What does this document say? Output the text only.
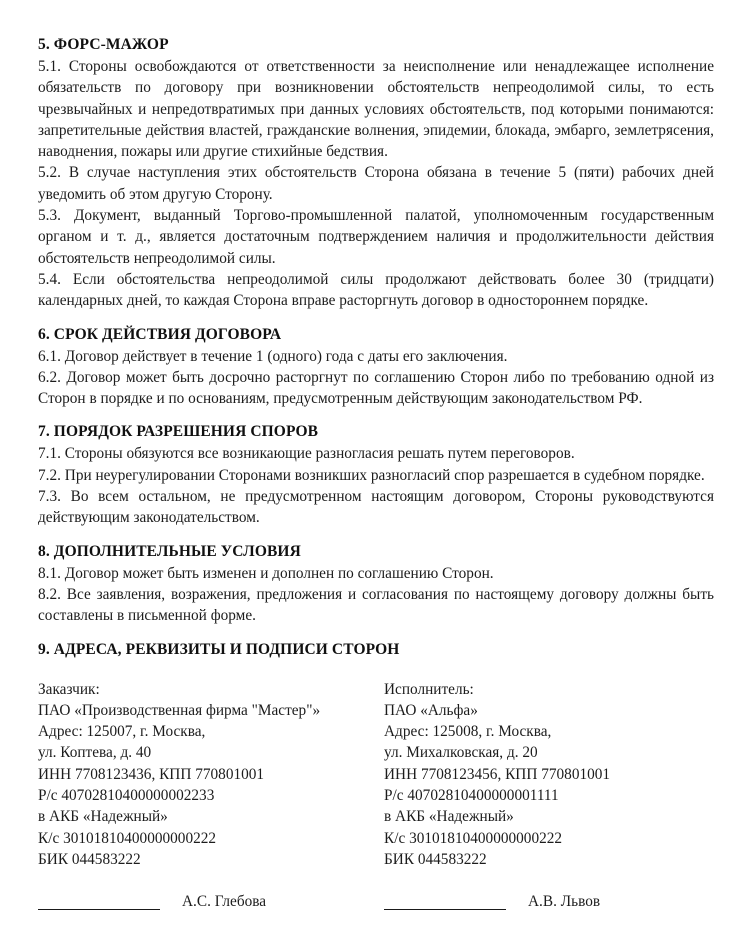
5. ФОРС-МАЖОР

5.1. Стороны освобождаются от ответственности за неисполнение или ненадлежащее исполнение обязательств по договору при возникновении обстоятельств непреодолимой силы, то есть чрезвычайных и непредотвратимых при данных условиях обстоятельств, под которыми понимаются: запретительные действия властей, гражданские волнения, эпидемии, блокада, эмбарго, землетрясения, наводнения, пожары или другие стихийные бедствия.

5.2. В случае наступления этих обстоятельств Сторона обязана в течение 5 (пяти) рабочих дней уведомить об этом другую Сторону.

5.3. Документ, выданный Торгово-промышленной палатой, уполномоченным государственным органом и т. д., является достаточным подтверждением наличия и продолжительности действия обстоятельств непреодолимой силы.

5.4. Если обстоятельства непреодолимой силы продолжают действовать более 30 (тридцати) календарных дней, то каждая Сторона вправе расторгнуть договор в одностороннем порядке.

6. СРОК ДЕЙСТВИЯ ДОГОВОРА

6.1. Договор действует в течение 1 (одного) года с даты его заключения.

6.2. Договор может быть досрочно расторгнут по соглашению Сторон либо по требованию одной из Сторон в порядке и по основаниям, предусмотренным действующим законодательством РФ.

7. ПОРЯДОК РАЗРЕШЕНИЯ СПОРОВ

7.1. Стороны обязуются все возникающие разногласия решать путем переговоров.

7.2. При неурегулировании Сторонами возникших разногласий спор разрешается в судебном порядке.

7.3. Во всем остальном, не предусмотренном настоящим договором, Стороны руководствуются действующим законодательством.

8. ДОПОЛНИТЕЛЬНЫЕ УСЛОВИЯ

8.1. Договор может быть изменен и дополнен по соглашению Сторон.

8.2. Все заявления, возражения, предложения и согласования по настоящему договору должны быть составлены в письменной форме.

9. АДРЕСА, РЕКВИЗИТЫ И ПОДПИСИ СТОРОН
Заказчик:
ПАО «Производственная фирма "Мастер"»
Адрес: 125007, г. Москва,
ул. Коптева, д. 40
ИНН 7708123436, КПП 770801001
Р/с 40702810400000002233
в АКБ «Надежный»
К/с 30101810400000000222
БИК 044583222
Исполнитель:
ПАО «Альфа»
Адрес: 125008, г. Москва,
ул. Михалковская, д. 20
ИНН 7708123456, КПП 770801001
Р/с 40702810400000001111
в АКБ «Надежный»
К/с 30101810400000000222
БИК 044583222
А.С. Глебова	А.В. Львов
